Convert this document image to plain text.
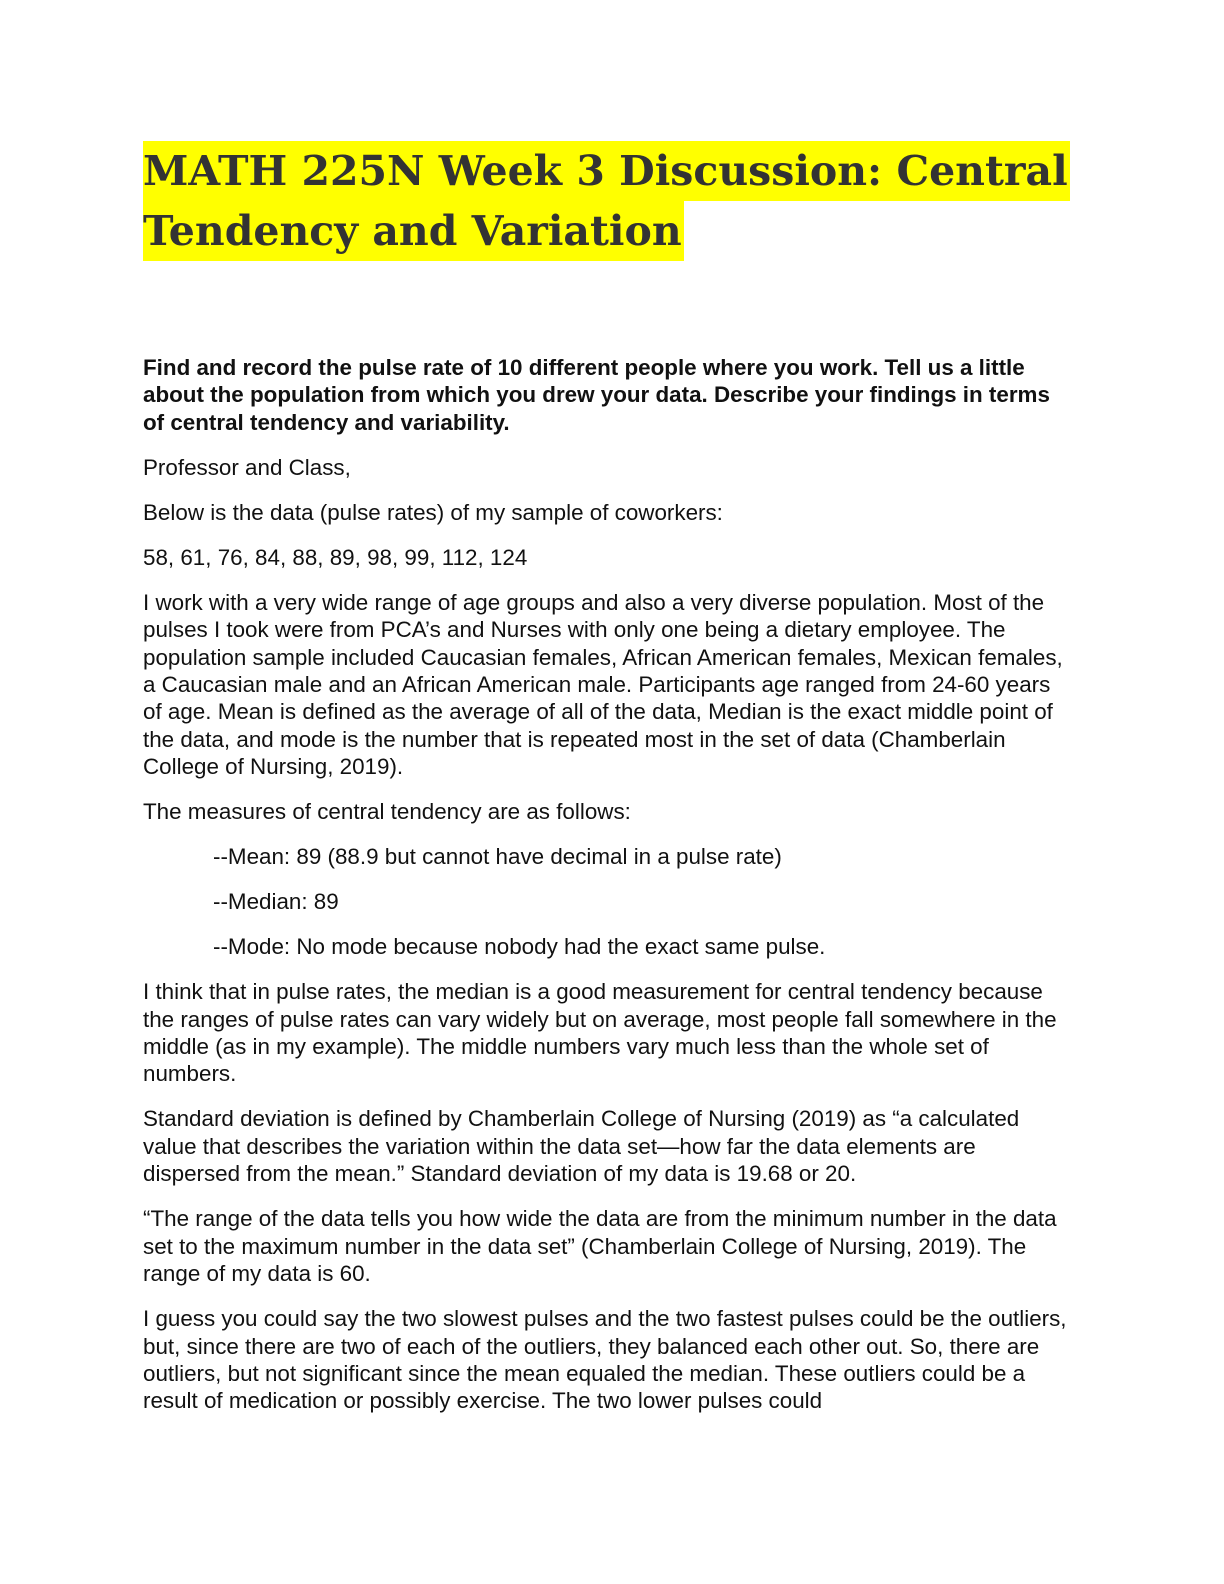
MATH 225N Week 3 Discussion: Central
Tendency and Variation

Find and record the pulse rate of 10 different people where you work. Tell us a little about the population from which you drew your data. Describe your findings in terms of central tendency and variability.

Professor and Class,

Below is the data (pulse rates) of my sample of coworkers:

58, 61, 76, 84, 88, 89, 98, 99, 112, 124

I work with a very wide range of age groups and also a very diverse population. Most of the pulses I took were from PCA’s and Nurses with only one being a dietary employee. The population sample included Caucasian females, African American females, Mexican females, a Caucasian male and an African American male. Participants age ranged from 24-60 years of age. Mean is defined as the average of all of the data, Median is the exact middle point of the data, and mode is the number that is repeated most in the set of data (Chamberlain College of Nursing, 2019).

The measures of central tendency are as follows:

--Mean: 89 (88.9 but cannot have decimal in a pulse rate)

--Median: 89

--Mode: No mode because nobody had the exact same pulse.

I think that in pulse rates, the median is a good measurement for central tendency because the ranges of pulse rates can vary widely but on average, most people fall somewhere in the middle (as in my example). The middle numbers vary much less than the whole set of numbers.

Standard deviation is defined by Chamberlain College of Nursing (2019) as “a calculated value that describes the variation within the data set—how far the data elements are dispersed from the mean.” Standard deviation of my data is 19.68 or 20.

“The range of the data tells you how wide the data are from the minimum number in the data set to the maximum number in the data set” (Chamberlain College of Nursing, 2019). The range of my data is 60.

I guess you could say the two slowest pulses and the two fastest pulses could be the outliers, but, since there are two of each of the outliers, they balanced each other out. So, there are outliers, but not significant since the mean equaled the median. These outliers could be a result of medication or possibly exercise. The two lower pulses could
